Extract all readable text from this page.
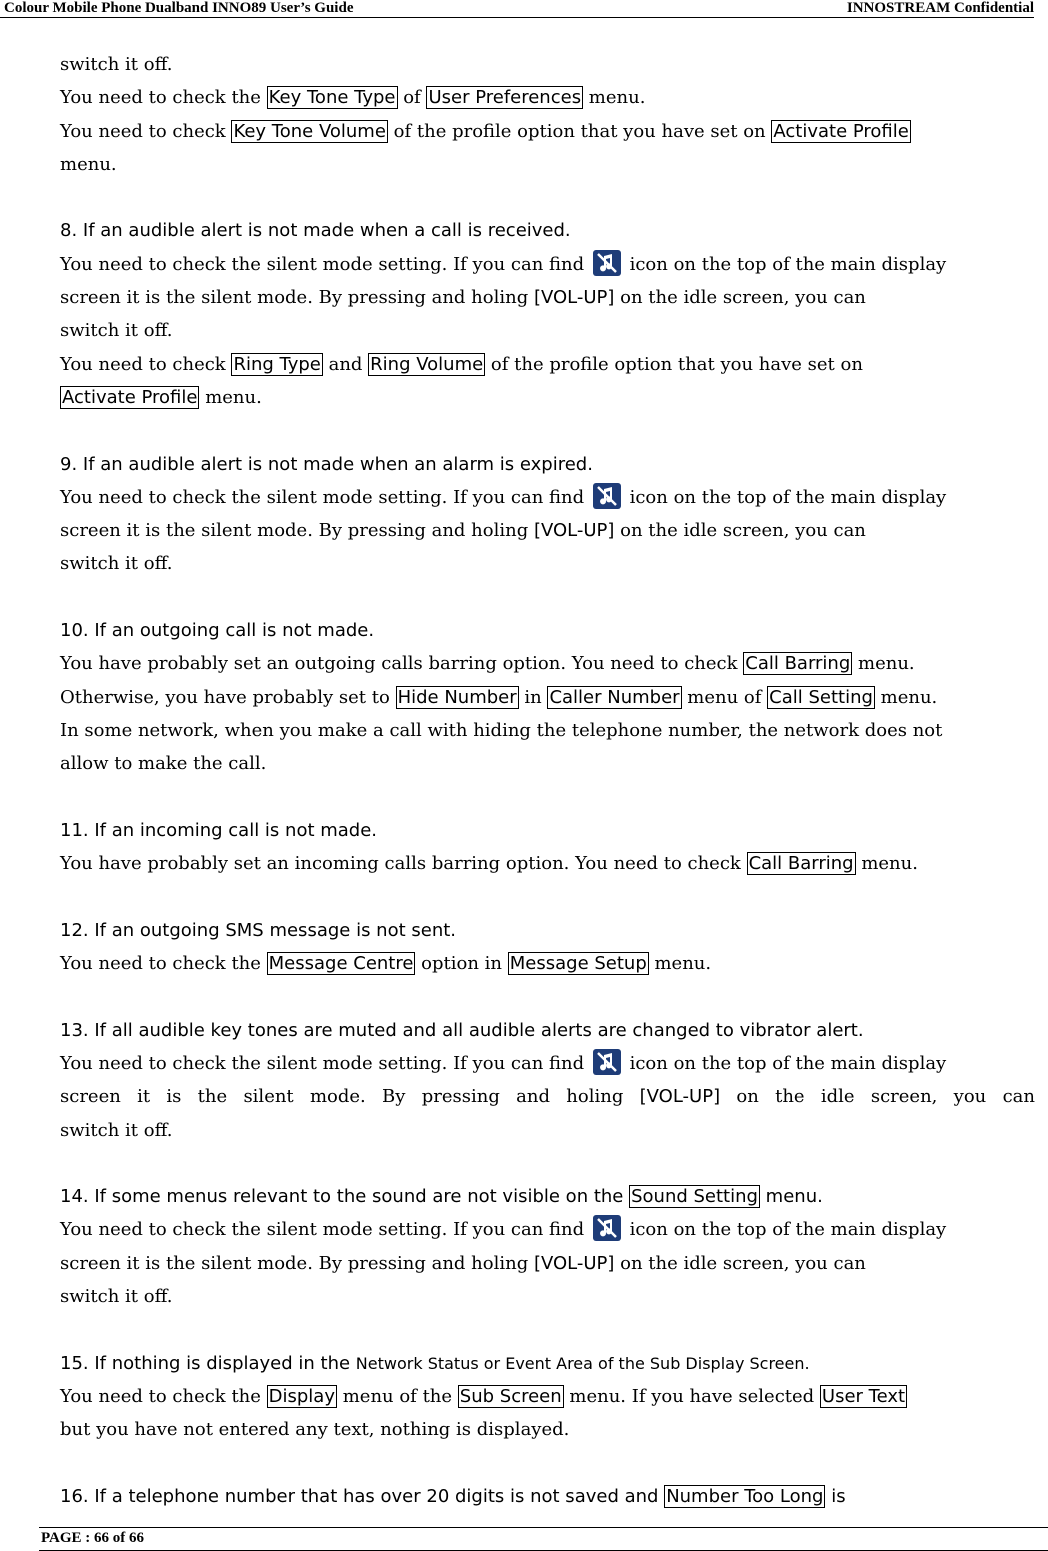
Colour Mobile Phone Dualband INNO89 User’s Guide	INNOSTREAM Confidential
switch it off.
You need to check the Key Tone Type of User Preferences menu.
You need to check Key Tone Volume of the profile option that you have set on Activate Profile
menu.
8. If an audible alert is not made when a call is received.
You need to check the silent mode setting. If you can find  icon on the top of the main display
screen it is the silent mode. By pressing and holing [VOL-UP] on the idle screen, you can
switch it off.
You need to check Ring Type and Ring Volume of the profile option that you have set on
Activate Profile menu.
9. If an audible alert is not made when an alarm is expired.
You need to check the silent mode setting. If you can find  icon on the top of the main display
screen it is the silent mode. By pressing and holing [VOL-UP] on the idle screen, you can
switch it off.
10. If an outgoing call is not made.
You have probably set an outgoing calls barring option. You need to check Call Barring menu.
Otherwise, you have probably set to Hide Number in Caller Number menu of Call Setting menu.
In some network, when you make a call with hiding the telephone number, the network does not
allow to make the call.
11. If an incoming call is not made.
You have probably set an incoming calls barring option. You need to check Call Barring menu.
12. If an outgoing SMS message is not sent.
You need to check the Message Centre option in Message Setup menu.
13. If all audible key tones are muted and all audible alerts are changed to vibrator alert.
You need to check the silent mode setting. If you can find  icon on the top of the main display
screen it is the silent mode. By pressing and holing [VOL-UP] on the idle screen, you can
switch it off.
14. If some menus relevant to the sound are not visible on the Sound Setting menu.
You need to check the silent mode setting. If you can find  icon on the top of the main display
screen it is the silent mode. By pressing and holing [VOL-UP] on the idle screen, you can
switch it off.
15. If nothing is displayed in the Network Status or Event Area of the Sub Display Screen.
You need to check the Display menu of the Sub Screen menu. If you have selected User Text
but you have not entered any text, nothing is displayed.
16. If a telephone number that has over 20 digits is not saved and Number Too Long is
PAGE : 66 of 66
